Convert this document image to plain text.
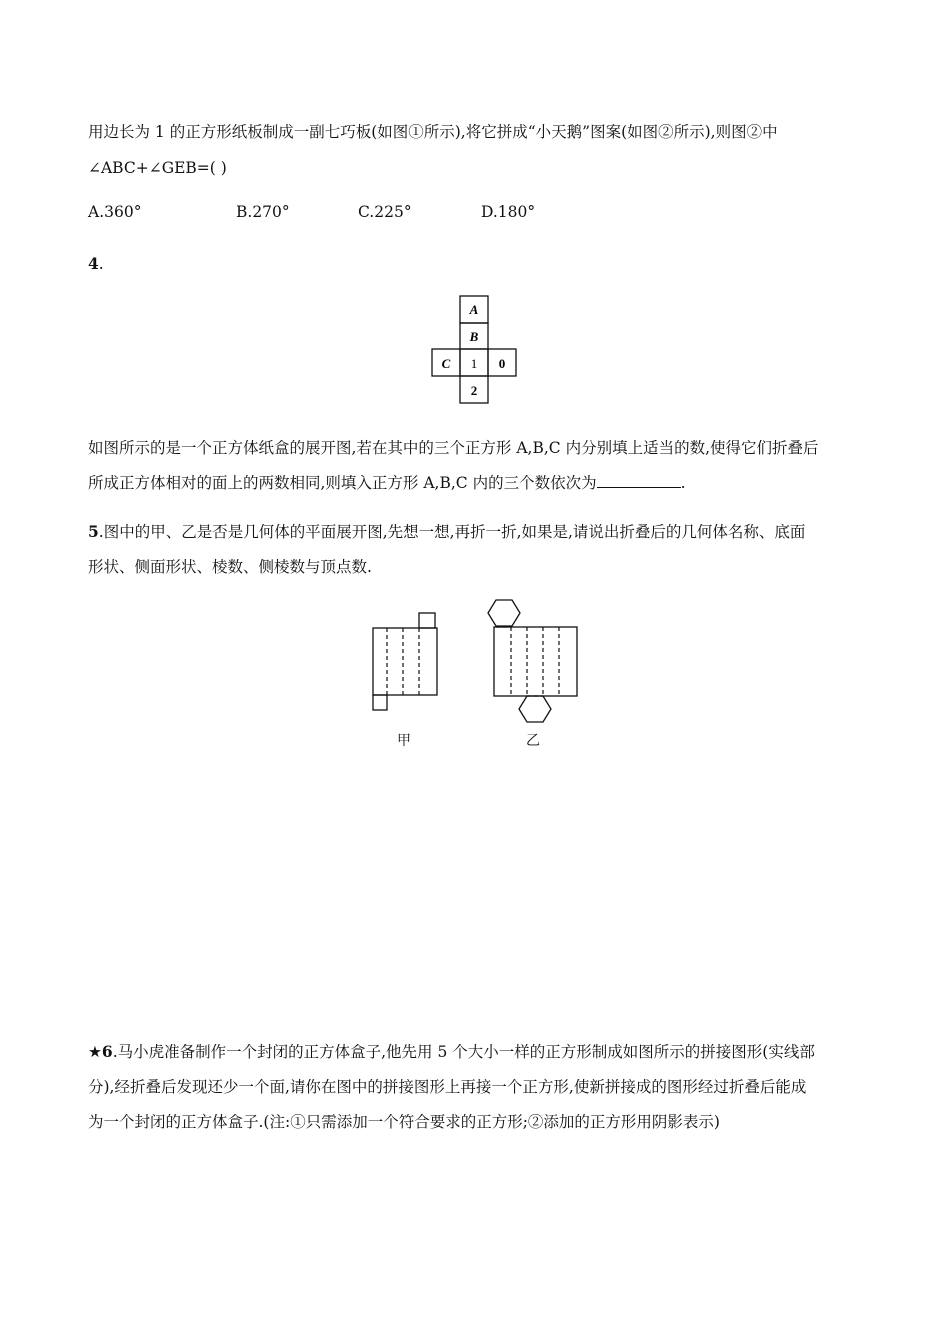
用边长为 1 的正方形纸板制成一副七巧板(如图①所示),将它拼成“小天鹅”图案(如图②所示),则图②中
∠ABC+∠GEB=( )
A.360°	B.270°	C.225°	D.180°
4.
A
B
C 1 0
2
如图所示的是一个正方体纸盒的展开图,若在其中的三个正方形 A,B,C 内分别填上适当的数,使得它们折叠后
所成正方体相对的面上的两数相同,则填入正方形 A,B,C 内的三个数依次为	.
5.图中的甲、乙是否是几何体的平面展开图,先想一想,再折一折,如果是,请说出折叠后的几何体名称、底面
形状、侧面形状、棱数、侧棱数与顶点数.
甲	乙
★6.马小虎准备制作一个封闭的正方体盒子,他先用 5 个大小一样的正方形制成如图所示的拼接图形(实线部
分),经折叠后发现还少一个面,请你在图中的拼接图形上再接一个正方形,使新拼接成的图形经过折叠后能成
为一个封闭的正方体盒子.(注:①只需添加一个符合要求的正方形;②添加的正方形用阴影表示)
